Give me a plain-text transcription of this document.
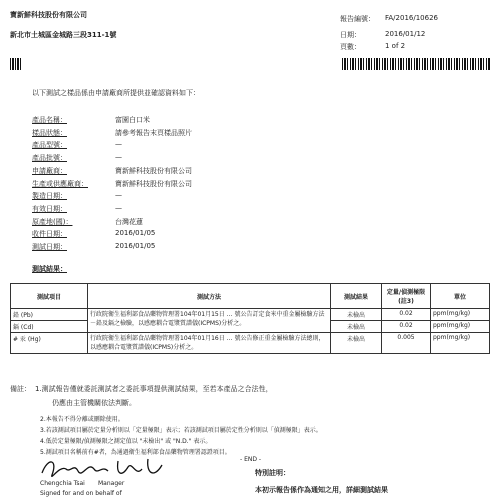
寶新鮮科技股份有限公司
新北市土城區金城路三段311-1號
報告編號： FA/2016/10626
日期：	2016/01/12
頁數：	1 of 2
以下測試之樣品係由申請廠商所提供並確認資料如下：
產品名稱：	富園白口米
樣品狀態：	請參考報告末頁樣品照片
產品型號：	—
產品批號：	—
申請廠商：	寶新鮮科技股份有限公司
生產或供應廠商：	寶新鮮科技股份有限公司
製造日期：	—
有效日期：	—
原產地(國)：	台灣花蓮
收件日期：	2016/01/05
測試日期：	2016/01/05
測試結果：
測試項目	測試方法	測試結果	定量/偵測極限(註3)	單位
鉛 (Pb)	行政院衛生福利部食品藥物管理署104年01月15日 … 號公告訂定食米中重金屬檢驗方法－鉛及鎘之檢驗，以感應耦合電漿質譜儀(ICPMS)分析之。	未檢出	0.02	ppm(mg/kg)
鎘 (Cd)		未檢出	0.02	ppm(mg/kg)
# 汞 (Hg)	行政院衛生福利部食品藥物管理署104年01月16日 … 號公告修正重金屬檢驗方法總則，以感應耦合電漿質譜儀(ICPMS)分析之。	未檢出	0.005	ppm(mg/kg)
備註： 1.測試報告僅就委託測試者之委託事項提供測試結果，至若本產品之合法性，
仍應由主管機關依法判斷。
2.本報告不得分離或刪除使用。
3.若該測試項目屬於定量分析則以「定量極限」表示；若該測試項目屬於定性分析則以「偵測極限」表示。
4.低於定量極限/偵測極限之測定值以 "未檢出" 或 "N.D." 表示。
5.測試項目名稱前有#者，為通過衛生福利部食品藥物管理署認證項目。
- END -
Chengchia Tsai Manager
Signed for and on behalf of
特別註明：
本初示報告係作為通知之用，詳細測試結果
